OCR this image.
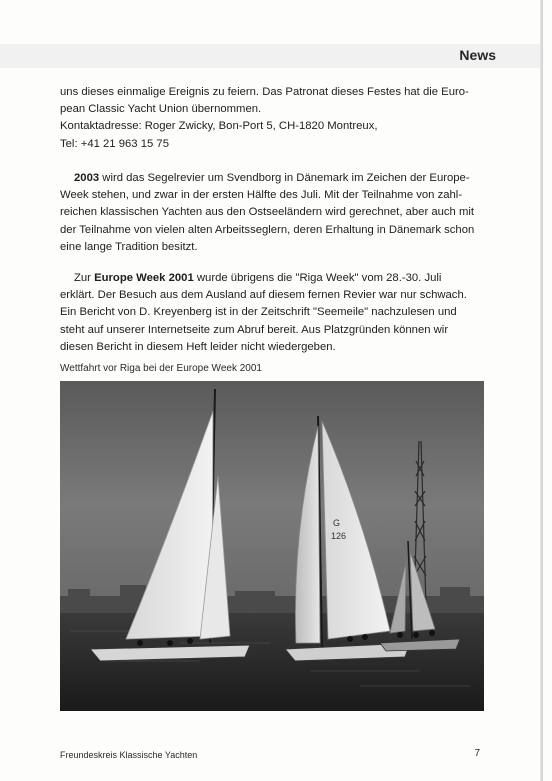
News

uns dieses einmalige Ereignis zu feiern. Das Patronat dieses Festes hat die Euro-

pean Classic Yacht Union übernommen.

Kontaktadresse: Roger Zwicky, Bon-Port 5, CH-1820 Montreux,

Tel: +41 21 963 15 75

2003 wird das Segelrevier um Svendborg in Dänemark im Zeichen der Europe-

Week stehen, und zwar in der ersten Hälfte des Juli. Mit der Teilnahme von zahl-

reichen klassischen Yachten aus den Ostseeländern wird gerechnet, aber auch mit

der Teilnahme von vielen alten Arbeitsseglern, deren Erhaltung in Dänemark schon

eine lange Tradition besitzt.

Zur Europe Week 2001 wurde übrigens die "Riga Week" vom 28.-30. Juli

erklärt. Der Besuch aus dem Ausland auf diesem fernen Revier war nur schwach.

Ein Bericht von D. Kreyenberg ist in der Zeitschrift "Seemeile" nachzulesen und

steht auf unserer Internetseite zum Abruf bereit. Aus Platzgründen können wir

diesen Bericht in diesem Heft leider nicht wiedergeben.

Wettfahrt vor Riga bei der Europe Week 2001
G
126
Freundeskreis Klassische Yachten	7
